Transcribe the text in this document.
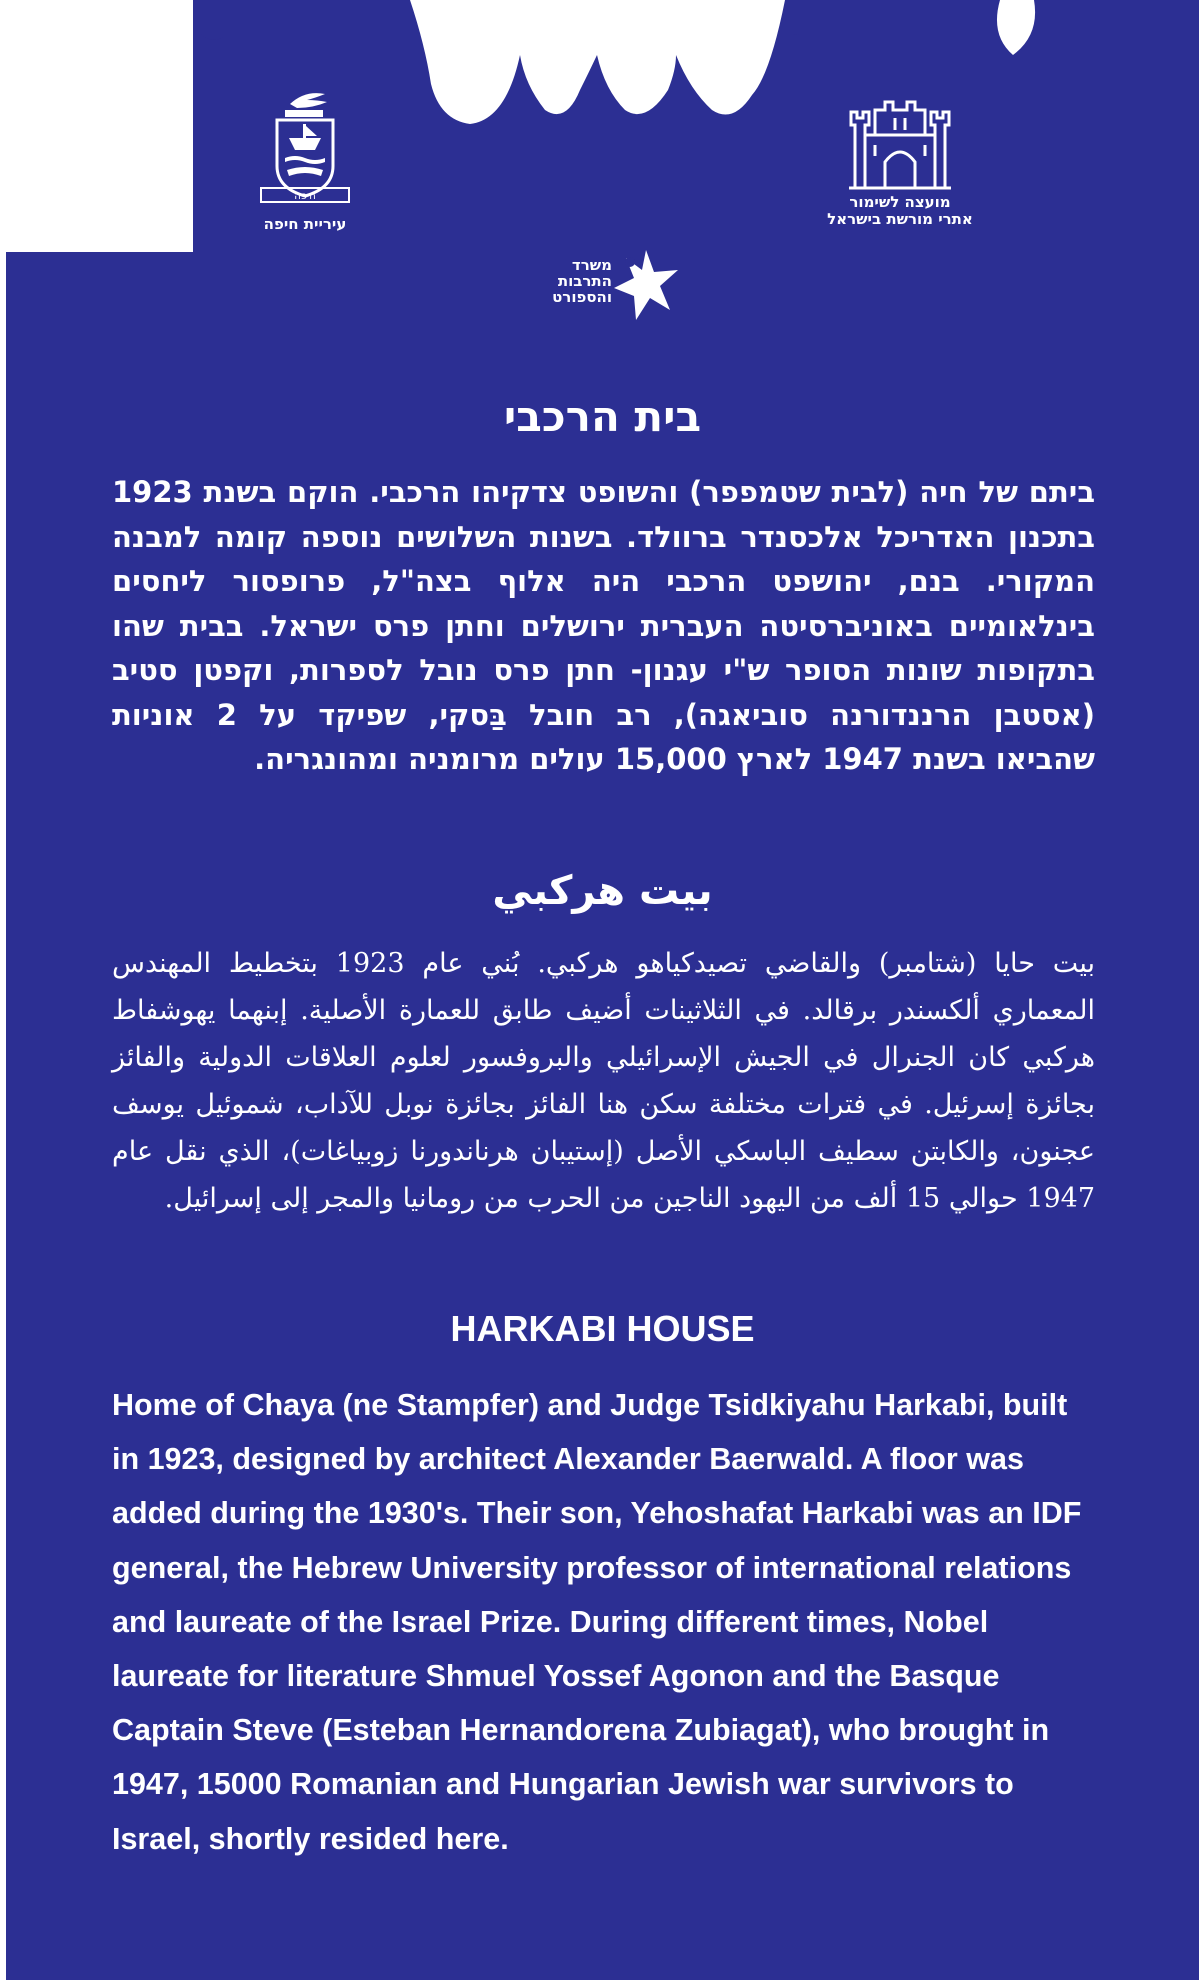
מועצה לשימור
אתרי מורשת בישראל
חיפה
עיריית חיפה
משרד
התרבות
והספורט
בית הרכבי

ביתם של חיה (לבית שטמפפר) והשופט צדקיהו הרכבי. הוקם בשנת 1923 בתכנון האדריכל אלכסנדר ברוולד. בשנות השלושים נוספה קומה למבנה המקורי. בנם, יהושפט הרכבי היה אלוף בצה"ל, פרופסור ליחסים בינלאומיים באוניברסיטה העברית ירושלים וחתן פרס ישראל. בבית שהו בתקופות שונות הסופר ש"י עגנון- חתן פרס נובל לספרות, וקפטן סטיב (אסטבן הרננדורנה סוביאגה), רב חובל בַּסקי, שפיקד על 2 אוניות שהביאו בשנת 1947 לארץ 15,000 עולים מרומניה ומהונגריה.

بيت هركبي

بيت حايا (شتامبر) والقاضي تصيدكياهو هركبي. بُني عام 1923 بتخطيط المهندس المعماري ألكسندر برقالد. في الثلاثينات أضيف طابق للعمارة الأصلية. إبنهما يهوشفاط هركبي كان الجنرال في الجيش الإسرائيلي والبروفسور لعلوم العلاقات الدولية والفائز بجائزة إسرئيل. في فترات مختلفة سكن هنا الفائز بجائزة نوبل للآداب، شموئيل يوسف عجنون، والكابتن سطيف الباسكي الأصل (إستيبان هرناندورنا زوبياغات)، الذي نقل عام 1947 حوالي 15 ألف من اليهود الناجين من الحرب من رومانيا والمجر إلى إسرائيل.

HARKABI HOUSE

Home of Chaya (ne Stampfer) and Judge Tsidkiyahu Harkabi, built in 1923, designed by architect Alexander Baerwald. A floor was added during the 1930's. Their son, Yehoshafat Harkabi was an IDF general, the Hebrew University professor of international relations and laureate of the Israel Prize. During different times, Nobel laureate for literature Shmuel Yossef Agonon and the Basque Captain Steve (Esteban Hernandorena Zubiagat), who brought in 1947, 15000 Romanian and Hungarian Jewish war survivors to Israel, shortly resided here.
